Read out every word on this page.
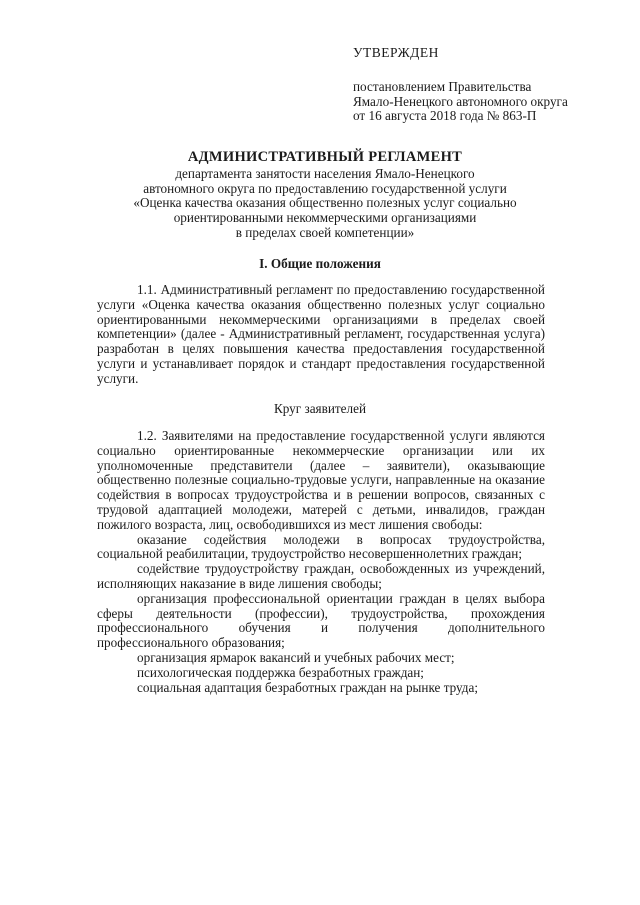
УТВЕРЖДЕН
постановлением Правительства
Ямало-Ненецкого автономного округа
от 16 августа 2018 года № 863-П
АДМИНИСТРАТИВНЫЙ РЕГЛАМЕНТ
департамента занятости населения Ямало-Ненецкого
автономного округа по предоставлению государственной услуги
«Оценка качества оказания общественно полезных услуг социально
ориентированными некоммерческими организациями
в пределах своей компетенции»
I. Общие положения

1.1. Административный регламент по предоставлению государственной услуги «Оценка качества оказания общественно полезных услуг социально ориентированными некоммерческими организациями в пределах своей компетенции» (далее - Административный регламент, государственная услуга) разработан в целях повышения качества предоставления государственной услуги и устанавливает порядок и стандарт предоставления государственной услуги.

Круг заявителей

1.2. Заявителями на предоставление государственной услуги являются социально ориентированные некоммерческие организации или их уполномоченные представители (далее – заявители), оказывающие общественно полезные социально-трудовые услуги, направленные на оказание содействия в вопросах трудоустройства и в решении вопросов, связанных с трудовой адаптацией молодежи, матерей с детьми, инвалидов, граждан пожилого возраста, лиц, освободившихся из мест лишения свободы:

оказание содействия молодежи в вопросах трудоустройства, социальной реабилитации, трудоустройство несовершеннолетних граждан;

содействие трудоустройству граждан, освобожденных из учреждений, исполняющих наказание в виде лишения свободы;

организация профессиональной ориентации граждан в целях выбора сферы деятельности (профессии), трудоустройства, прохождения профессионального обучения и получения дополнительного профессионального образования;

организация ярмарок вакансий и учебных рабочих мест;

психологическая поддержка безработных граждан;

социальная адаптация безработных граждан на рынке труда;
